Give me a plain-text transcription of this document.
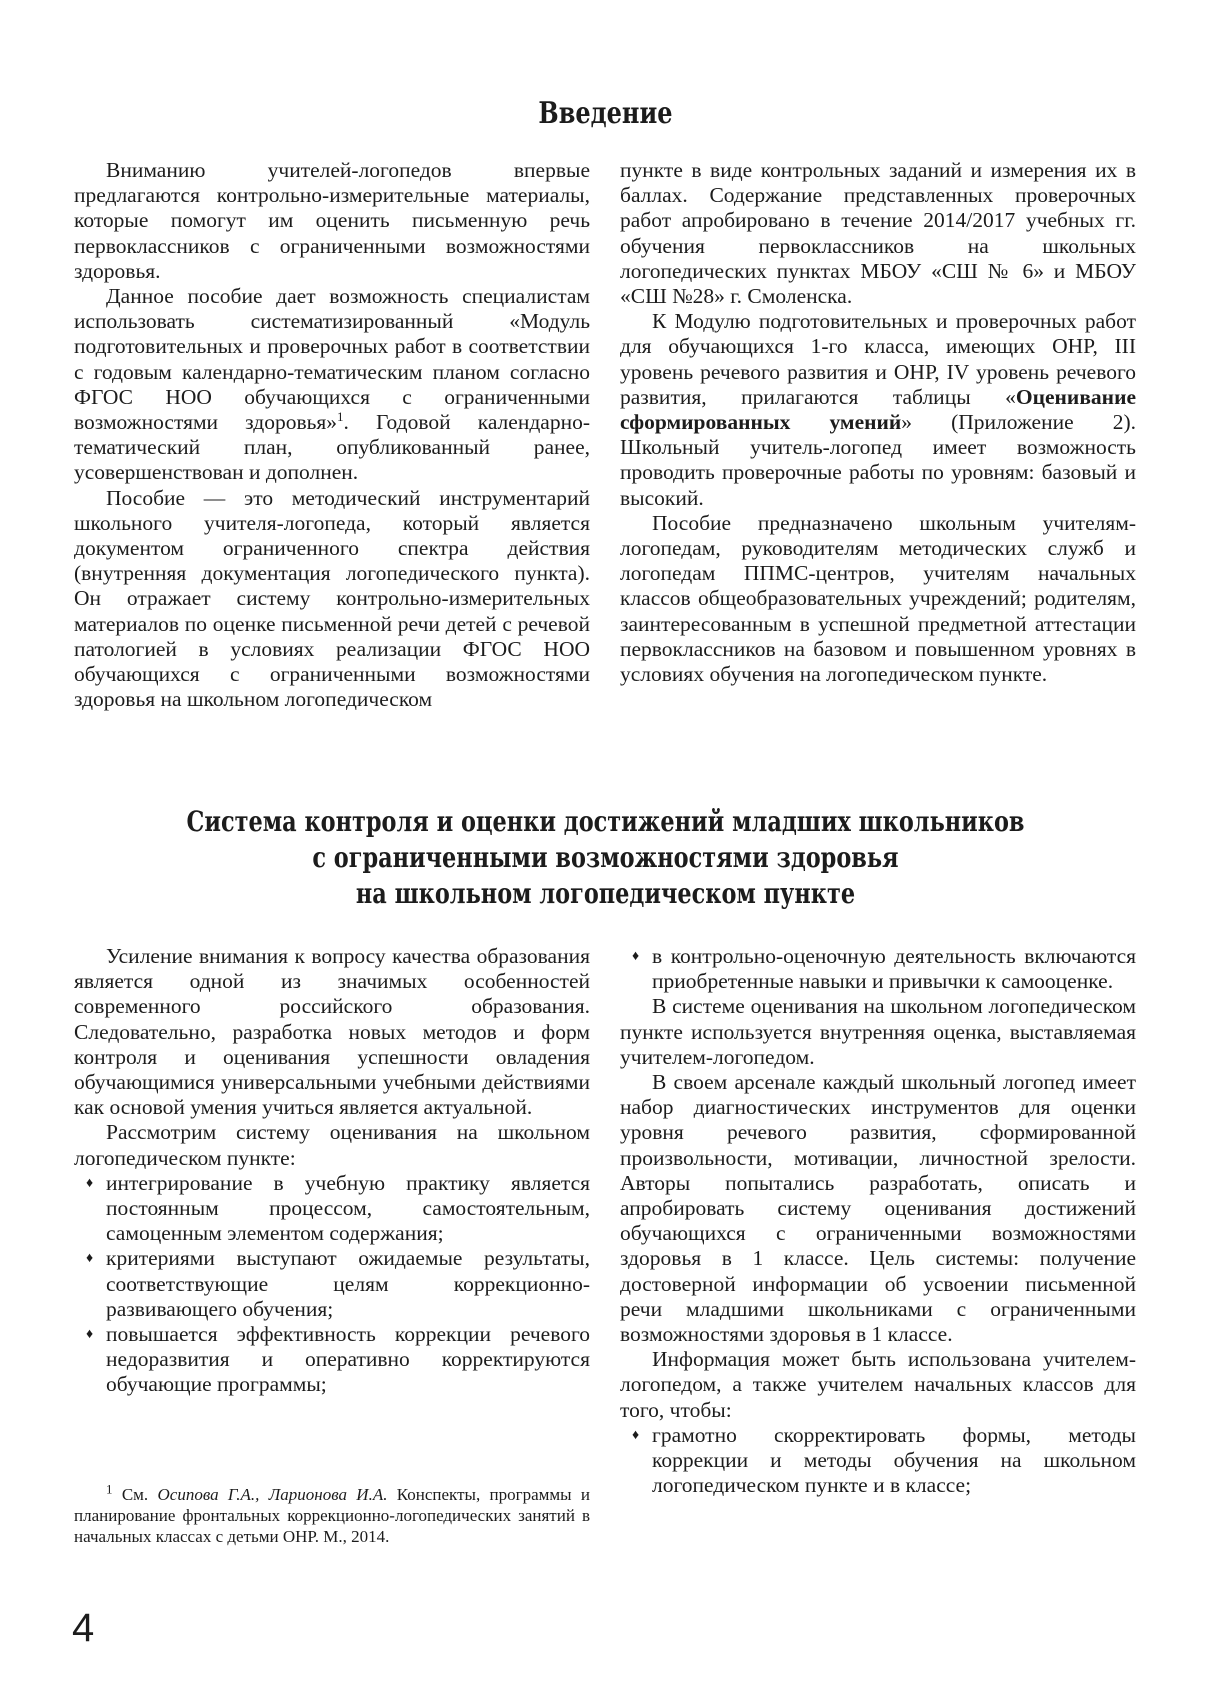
Введение

Вниманию учителей-логопедов впервые предлагаются контрольно-измерительные материалы, которые помогут им оценить письменную речь первоклассников с ограниченными возможностями здоровья.

Данное пособие дает возможность специалистам использовать систематизированный «Модуль подготовительных и проверочных работ в соответствии с годовым календарно-тематическим планом согласно ФГОС НОО обучающихся с ограниченными возможностями здоровья»$^1$. Годовой календарно-тематический план, опубликованный ранее, усовершенствован и дополнен.

Пособие — это методический инструментарий школьного учителя-логопеда, который является документом ограниченного спектра действия (внутренняя документация логопедического пункта). Он отражает систему контрольно-измерительных материалов по оценке письменной речи детей с речевой патологией в условиях реализации ФГОС НОО обучающихся с ограниченными возможностями здоровья на школьном логопедическом

пункте в виде контрольных заданий и измерения их в баллах. Содержание представленных проверочных работ апробировано в течение 2014/2017 учебных гг. обучения первоклассников на школьных логопедических пунктах МБОУ «СШ № 6» и МБОУ «СШ №28» г. Смоленска.

К Модулю подготовительных и проверочных работ для обучающихся 1-го класса, имеющих ОНР, III уровень речевого развития и ОНР, IV уровень речевого развития, прилагаются таблицы «Оценивание сформированных умений» (Приложение 2). Школьный учитель-логопед имеет возможность проводить проверочные работы по уровням: базовый и высокий.

Пособие предназначено школьным учителям-логопедам, руководителям методических служб и логопедам ППМС-центров, учителям начальных классов общеобразовательных учреждений; родителям, заинтересованным в успешной предметной аттестации первоклассников на базовом и повышенном уровнях в условиях обучения на логопедическом пункте.

Система контроля и оценки достижений младших школьников
с ограниченными возможностями здоровья
на школьном логопедическом пункте

Усиление внимания к вопросу качества образования является одной из значимых особенностей современного российского образования. Следовательно, разработка новых методов и форм контроля и оценивания успешности овладения обучающимися универсальными учебными действиями как основой умения учиться является актуальной.

Рассмотрим систему оценивания на школьном логопедическом пункте:

♦ интегрирование в учебную практику является постоянным процессом, самостоятельным, самоценным элементом содержания;
♦ критериями выступают ожидаемые результаты, соответствующие целям коррекционно-развивающего обучения;
♦ повышается эффективность коррекции речевого недоразвития и оперативно корректируются обучающие программы;
♦ в контрольно-оценочную деятельность включаются приобретенные навыки и привычки к самооценке.

В системе оценивания на школьном логопедическом пункте используется внутренняя оценка, выставляемая учителем-логопедом.

В своем арсенале каждый школьный логопед имеет набор диагностических инструментов для оценки уровня речевого развития, сформированной произвольности, мотивации, личностной зрелости. Авторы попытались разработать, описать и апробировать систему оценивания достижений обучающихся с ограниченными возможностями здоровья в 1 классе. Цель системы: получение достоверной информации об усвоении письменной речи младшими школьниками с ограниченными возможностями здоровья в 1 классе.

Информация может быть использована учителем-логопедом, а также учителем начальных классов для того, чтобы:

♦ грамотно скорректировать формы, методы коррекции и методы обучения на школьном логопедическом пункте и в классе;

$^1$ См. Осипова Г.А., Ларионова И.А. Конспекты, программы и планирование фронтальных коррекционно-логопедических занятий в начальных классах с детьми ОНР. М., 2014.

4
